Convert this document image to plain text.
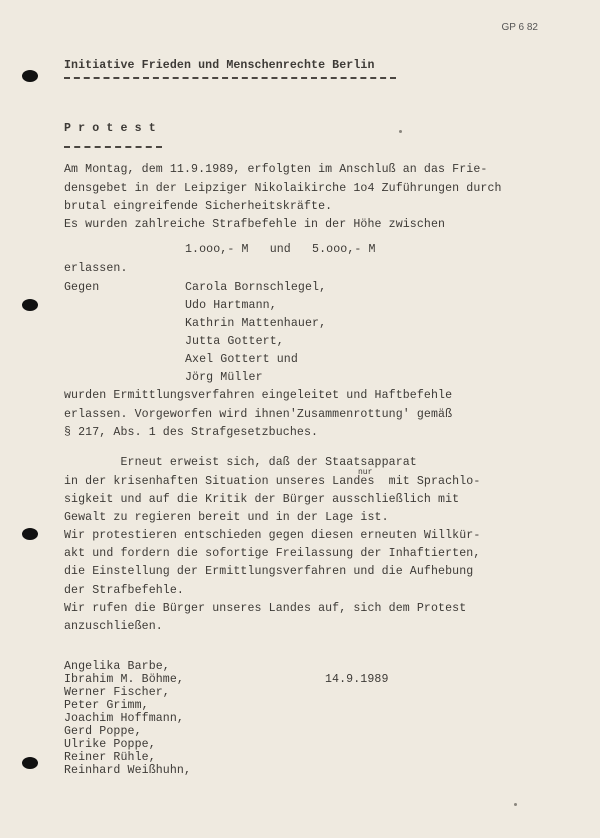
GP 6 82
Initiative Frieden und Menschenrechte Berlin
P r o t e s t
Am Montag, dem 11.9.1989, erfolgten im Anschluß an das Frie-
densgebet in der Leipziger Nikolaikirche 1o4 Zuführungen durch
brutal eingreifende Sicherheitskräfte.
Es wurden zahlreiche Strafbefehle in der Höhe zwischen
1.ooo,- M   und   5.ooo,- M
erlassen.
Gegen	Carola Bornschlegel,
Udo Hartmann,
Kathrin Mattenhauer,
Jutta Gottert,
Axel Gottert und
Jörg Müller
wurden Ermittlungsverfahren eingeleitet und Haftbefehle
erlassen. Vorgeworfen wird ihnen'Zusammenrottung' gemäß
§ 217, Abs. 1 des Strafgesetzbuches.
Erneut erweist sich, daß der Staatsapparat
in der krisenhaften Situation unseres Landes  mit Sprachlo-
nur
sigkeit und auf die Kritik der Bürger ausschließlich mit
Gewalt zu regieren bereit und in der Lage ist.
Wir protestieren entschieden gegen diesen erneuten Willkür-
akt und fordern die sofortige Freilassung der Inhaftierten,
die Einstellung der Ermittlungsverfahren und die Aufhebung
der Strafbefehle.
Wir rufen die Bürger unseres Landes auf, sich dem Protest
anzuschließen.
Angelika Barbe,
Ibrahim M. Böhme,
Werner Fischer,
Peter Grimm,
Joachim Hoffmann,
Gerd Poppe,
Ulrike Poppe,
Reiner Rühle,
Reinhard Weißhuhn,
14.9.1989
